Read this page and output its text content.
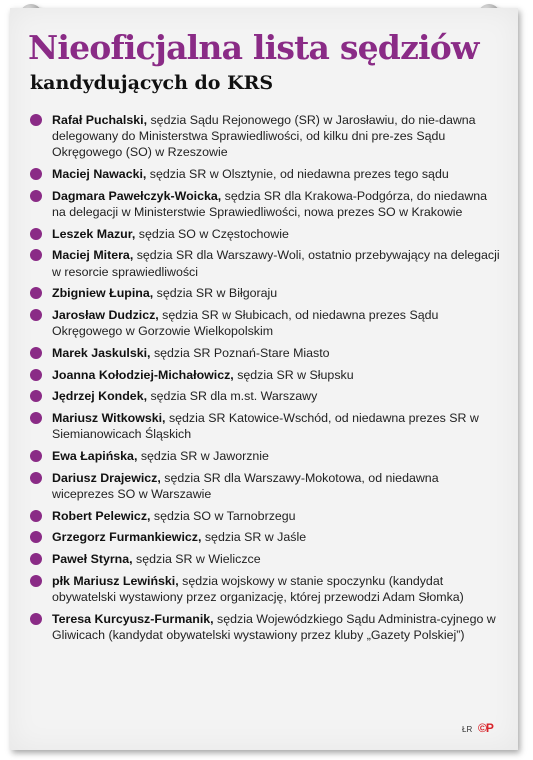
Nieoficjalna lista sędziów
kandydujących do KRS
Rafał Puchalski, sędzia Sądu Rejonowego (SR) w Jarosławiu, do nie-dawna delegowany do Ministerstwa Sprawiedliwości, od kilku dni pre-zes Sądu Okręgowego (SO) w Rzeszowie
Maciej Nawacki, sędzia SR w Olsztynie, od niedawna prezes tego sądu
Dagmara Pawełczyk-Woicka, sędzia SR dla Krakowa-Podgórza, do niedawna na delegacji w Ministerstwie Sprawiedliwości, nowa prezes SO w Krakowie
Leszek Mazur, sędzia SO w Częstochowie
Maciej Mitera, sędzia SR dla Warszawy-Woli, ostatnio przebywający na delegacji w resorcie sprawiedliwości
Zbigniew Łupina, sędzia SR w Biłgoraju
Jarosław Dudzicz, sędzia SR w Słubicach, od niedawna prezes Sądu Okręgowego w Gorzowie Wielkopolskim
Marek Jaskulski, sędzia SR Poznań-Stare Miasto
Joanna Kołodziej-Michałowicz, sędzia SR w Słupsku
Jędrzej Kondek, sędzia SR dla m.st. Warszawy
Mariusz Witkowski, sędzia SR Katowice-Wschód, od niedawna prezes SR w Siemianowicach Śląskich
Ewa Łapińska, sędzia SR w Jaworznie
Dariusz Drajewicz, sędzia SR dla Warszawy-Mokotowa, od niedawna wiceprezes SO w Warszawie
Robert Pelewicz, sędzia SO w Tarnobrzegu
Grzegorz Furmankiewicz, sędzia SR w Jaśle
Paweł Styrna, sędzia SR w Wieliczce
płk Mariusz Lewiński, sędzia wojskowy w stanie spoczynku (kandydat obywatelski wystawiony przez organizację, której przewodzi Adam Słomka)
Teresa Kurcyusz-Furmanik, sędzia Wojewódzkiego Sądu Administra-cyjnego w Gliwicach (kandydat obywatelski wystawiony przez kluby „Gazety Polskiej”)
ŁR ©P
